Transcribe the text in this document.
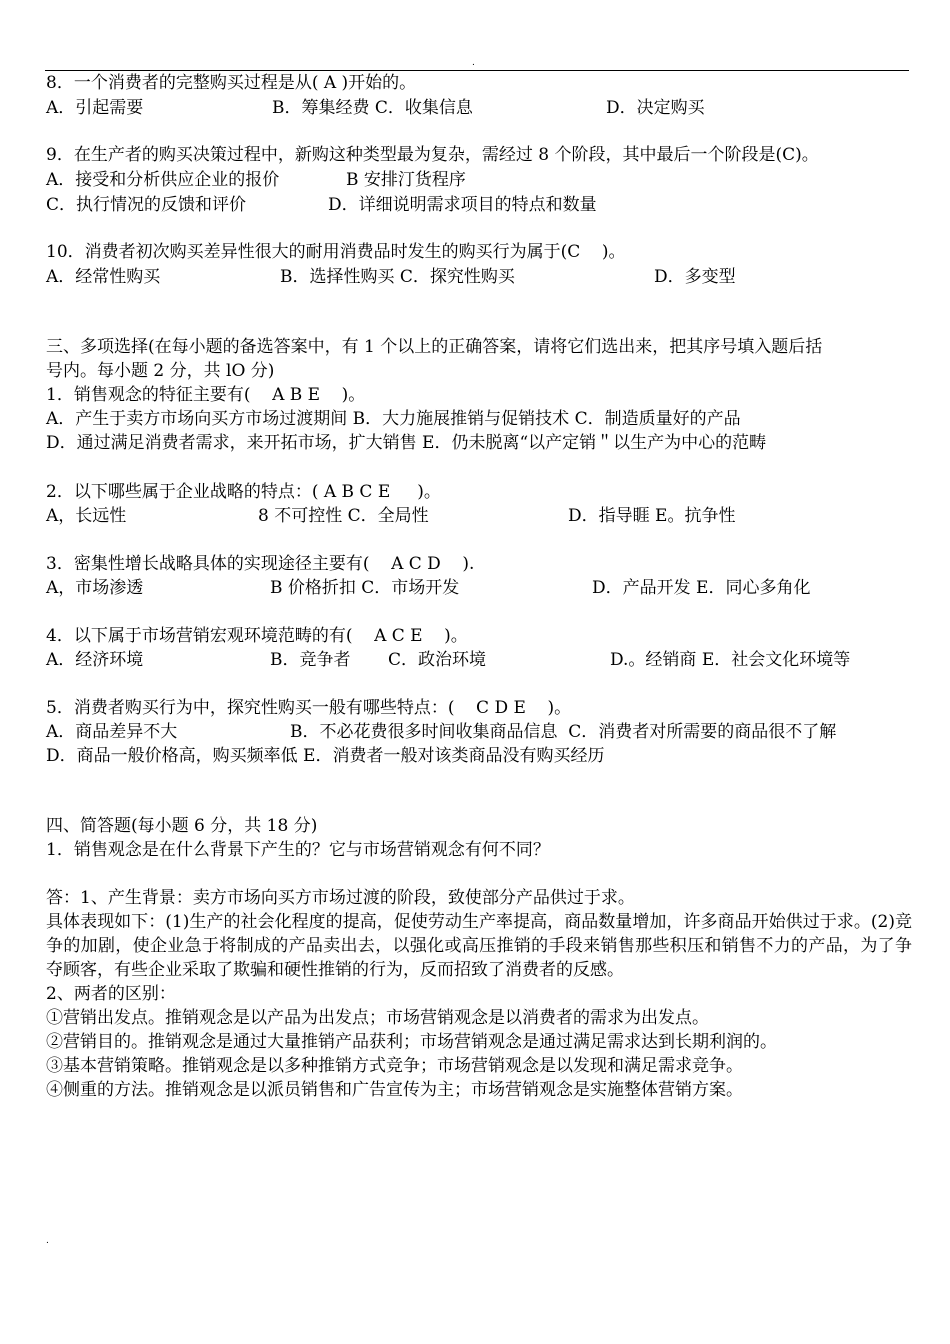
.
8．一个消费者的完整购买过程是从( A )开始的。

A．引起需要

	B．筹集经费 C．收集信息

	D．决定购买

9．在生产者的购买决策过程中，新购这种类型最为复杂，需经过 8 个阶段，其中最后一个阶段是(C)。

A．接受和分析供应企业的报价

	B 安排汀货程序

C．执行情况的反馈和评价

	D．详细说明需求项目的特点和数量

10．消费者初次购买差异性很大的耐用消费品时发生的购买行为属于(C    )。

A．经常性购买

	B．选择性购买 C．探究性购买

	D．多变型

三、多项选择(在每小题的备选答案中，有 1 个以上的正确答案，请将它们选出来，把其序号填入题后括
号内。每小题 2 分，共 lO 分)
1．销售观念的特征主要有(    A B E    )。
A．产生于卖方市场向买方市场过渡期间 B．大力施展推销与促销技术 C．制造质量好的产品
D．通过满足消费者需求，来开拓市场，扩大销售 E．仍未脱离“以产定销＂以生产为中心的范畴
2．以下哪些属于企业战略的特点：( A B C E     )。

A，长远性

	8 不可控性 C．全局性

	D．指导睚 E。抗争性

3．密集性增长战略具体的实现途径主要有(    A C D    ).

A，市场渗透

	B 价格折扣 C．市场开发

	D．产品开发 E．同心多角化

4．以下属于市场营销宏观环境范畴的有(    A C E    )。

A．经济环境

	B．竞争者

C．政治环境

	D.。经销商 E．社会文化环境等

5．消费者购买行为中，探究性购买一般有哪些特点：(    C D E    )。

A．商品差异不大

	B．不必花费很多时间收集商品信息  C．消费者对所需要的商品很不了解

D．商品一般价格高，购买频率低 E．消费者一般对该类商品没有购买经历
四、简答题(每小题 6 分，共 18 分)
1．销售观念是在什么背景下产生的？它与市场营销观念有何不同？
答：1、产生背景：卖方市场向买方市场过渡的阶段，致使部分产品供过于求。
具体表现如下：(1)生产的社会化程度的提高，促使劳动生产率提高，商品数量增加，许多商品开始供过于求。(2)竞争的加剧，使企业急于将制成的产品卖出去，以强化或高压推销的手段来销售那些积压和销售不力的产品，为了争夺顾客，有些企业采取了欺骗和硬性推销的行为，反而招致了消费者的反感。
2、两者的区别：
①营销出发点。推销观念是以产品为出发点；市场营销观念是以消费者的需求为出发点。
②营销目的。推销观念是通过大量推销产品获利；市场营销观念是通过满足需求达到长期利润的。
③基本营销策略。推销观念是以多种推销方式竞争；市场营销观念是以发现和满足需求竞争。
④侧重的方法。推销观念是以派员销售和广告宣传为主；市场营销观念是实施整体营销方案。
.
